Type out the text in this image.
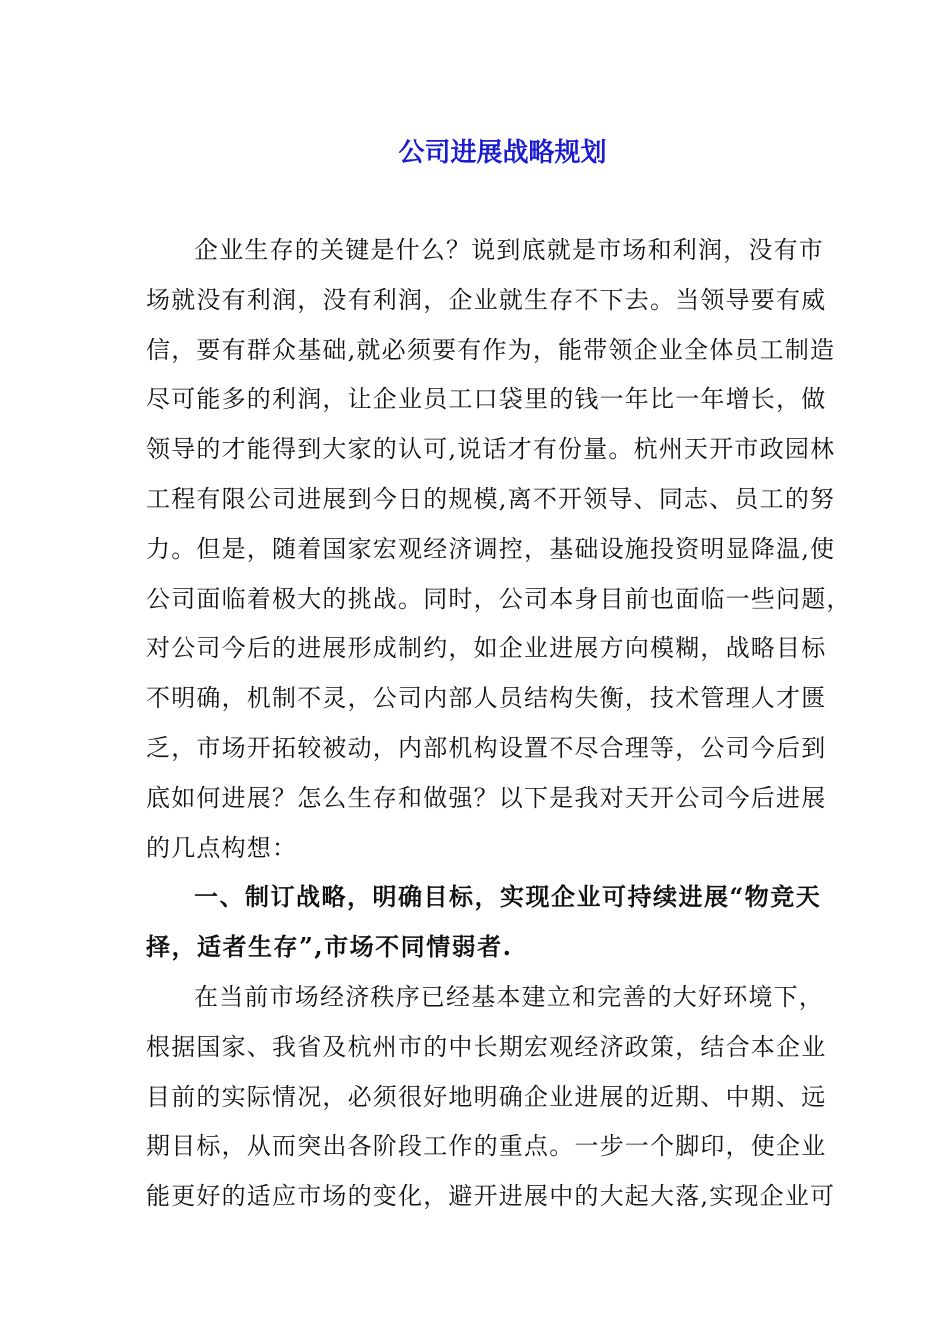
公司进展战略规划
企业生存的关键是什么？说到底就是市场和利润，没有市
场就没有利润，没有利润，企业就生存不下去。当领导要有威
信，要有群众基础,就必须要有作为，能带领企业全体员工制造
尽可能多的利润，让企业员工口袋里的钱一年比一年增长，做
领导的才能得到大家的认可,说话才有份量。杭州天开市政园林
工程有限公司进展到今日的规模,离不开领导、同志、员工的努
力。但是，随着国家宏观经济调控，基础设施投资明显降温,使
公司面临着极大的挑战。同时，公司本身目前也面临一些问题，
对公司今后的进展形成制约，如企业进展方向模糊，战略目标
不明确，机制不灵，公司内部人员结构失衡，技术管理人才匮
乏，市场开拓较被动，内部机构设置不尽合理等，公司今后到
底如何进展？怎么生存和做强？以下是我对天开公司今后进展
的几点构想：
一、制订战略，明确目标，实现企业可持续进展“物竞天
择，适者生存”,市场不同情弱者.
在当前市场经济秩序已经基本建立和完善的大好环境下，
根据国家、我省及杭州市的中长期宏观经济政策，结合本企业
目前的实际情况，必须很好地明确企业进展的近期、中期、远
期目标，从而突出各阶段工作的重点。一步一个脚印，使企业
能更好的适应市场的变化，避开进展中的大起大落,实现企业可
